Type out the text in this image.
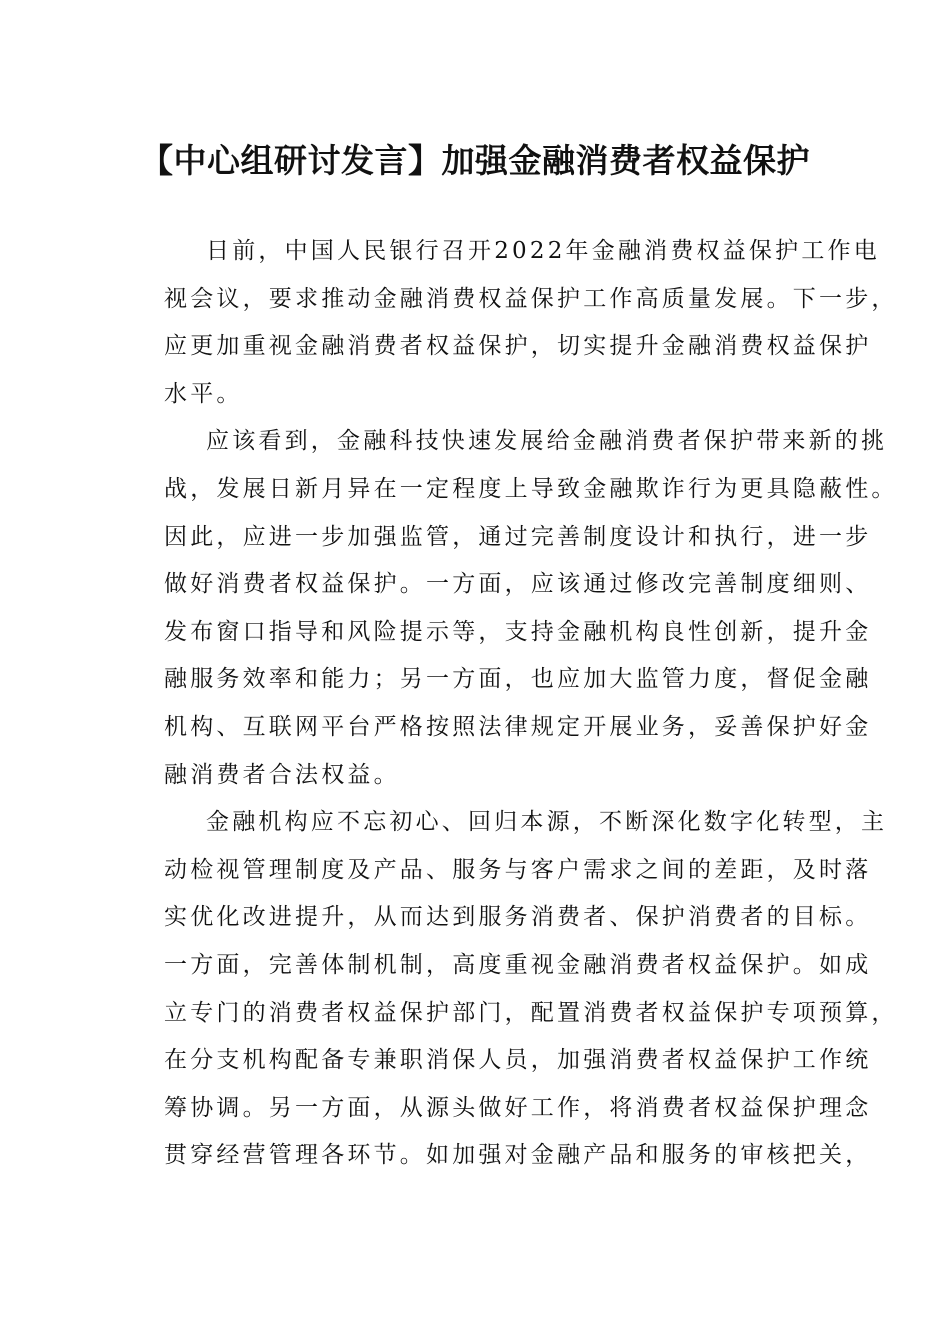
【中心组研讨发言】加强金融消费者权益保护
日前，中国人民银行召开2022年金融消费权益保护工作电
视会议，要求推动金融消费权益保护工作高质量发展。下一步，
应更加重视金融消费者权益保护，切实提升金融消费权益保护
水平。
应该看到，金融科技快速发展给金融消费者保护带来新的挑
战，发展日新月异在一定程度上导致金融欺诈行为更具隐蔽性。
因此，应进一步加强监管，通过完善制度设计和执行，进一步
做好消费者权益保护。一方面，应该通过修改完善制度细则、
发布窗口指导和风险提示等，支持金融机构良性创新，提升金
融服务效率和能力；另一方面，也应加大监管力度，督促金融
机构、互联网平台严格按照法律规定开展业务，妥善保护好金
融消费者合法权益。
金融机构应不忘初心、回归本源，不断深化数字化转型，主
动检视管理制度及产品、服务与客户需求之间的差距，及时落
实优化改进提升，从而达到服务消费者、保护消费者的目标。
一方面，完善体制机制，高度重视金融消费者权益保护。如成
立专门的消费者权益保护部门，配置消费者权益保护专项预算，
在分支机构配备专兼职消保人员，加强消费者权益保护工作统
筹协调。另一方面，从源头做好工作，将消费者权益保护理念
贯穿经营管理各环节。如加强对金融产品和服务的审核把关，
